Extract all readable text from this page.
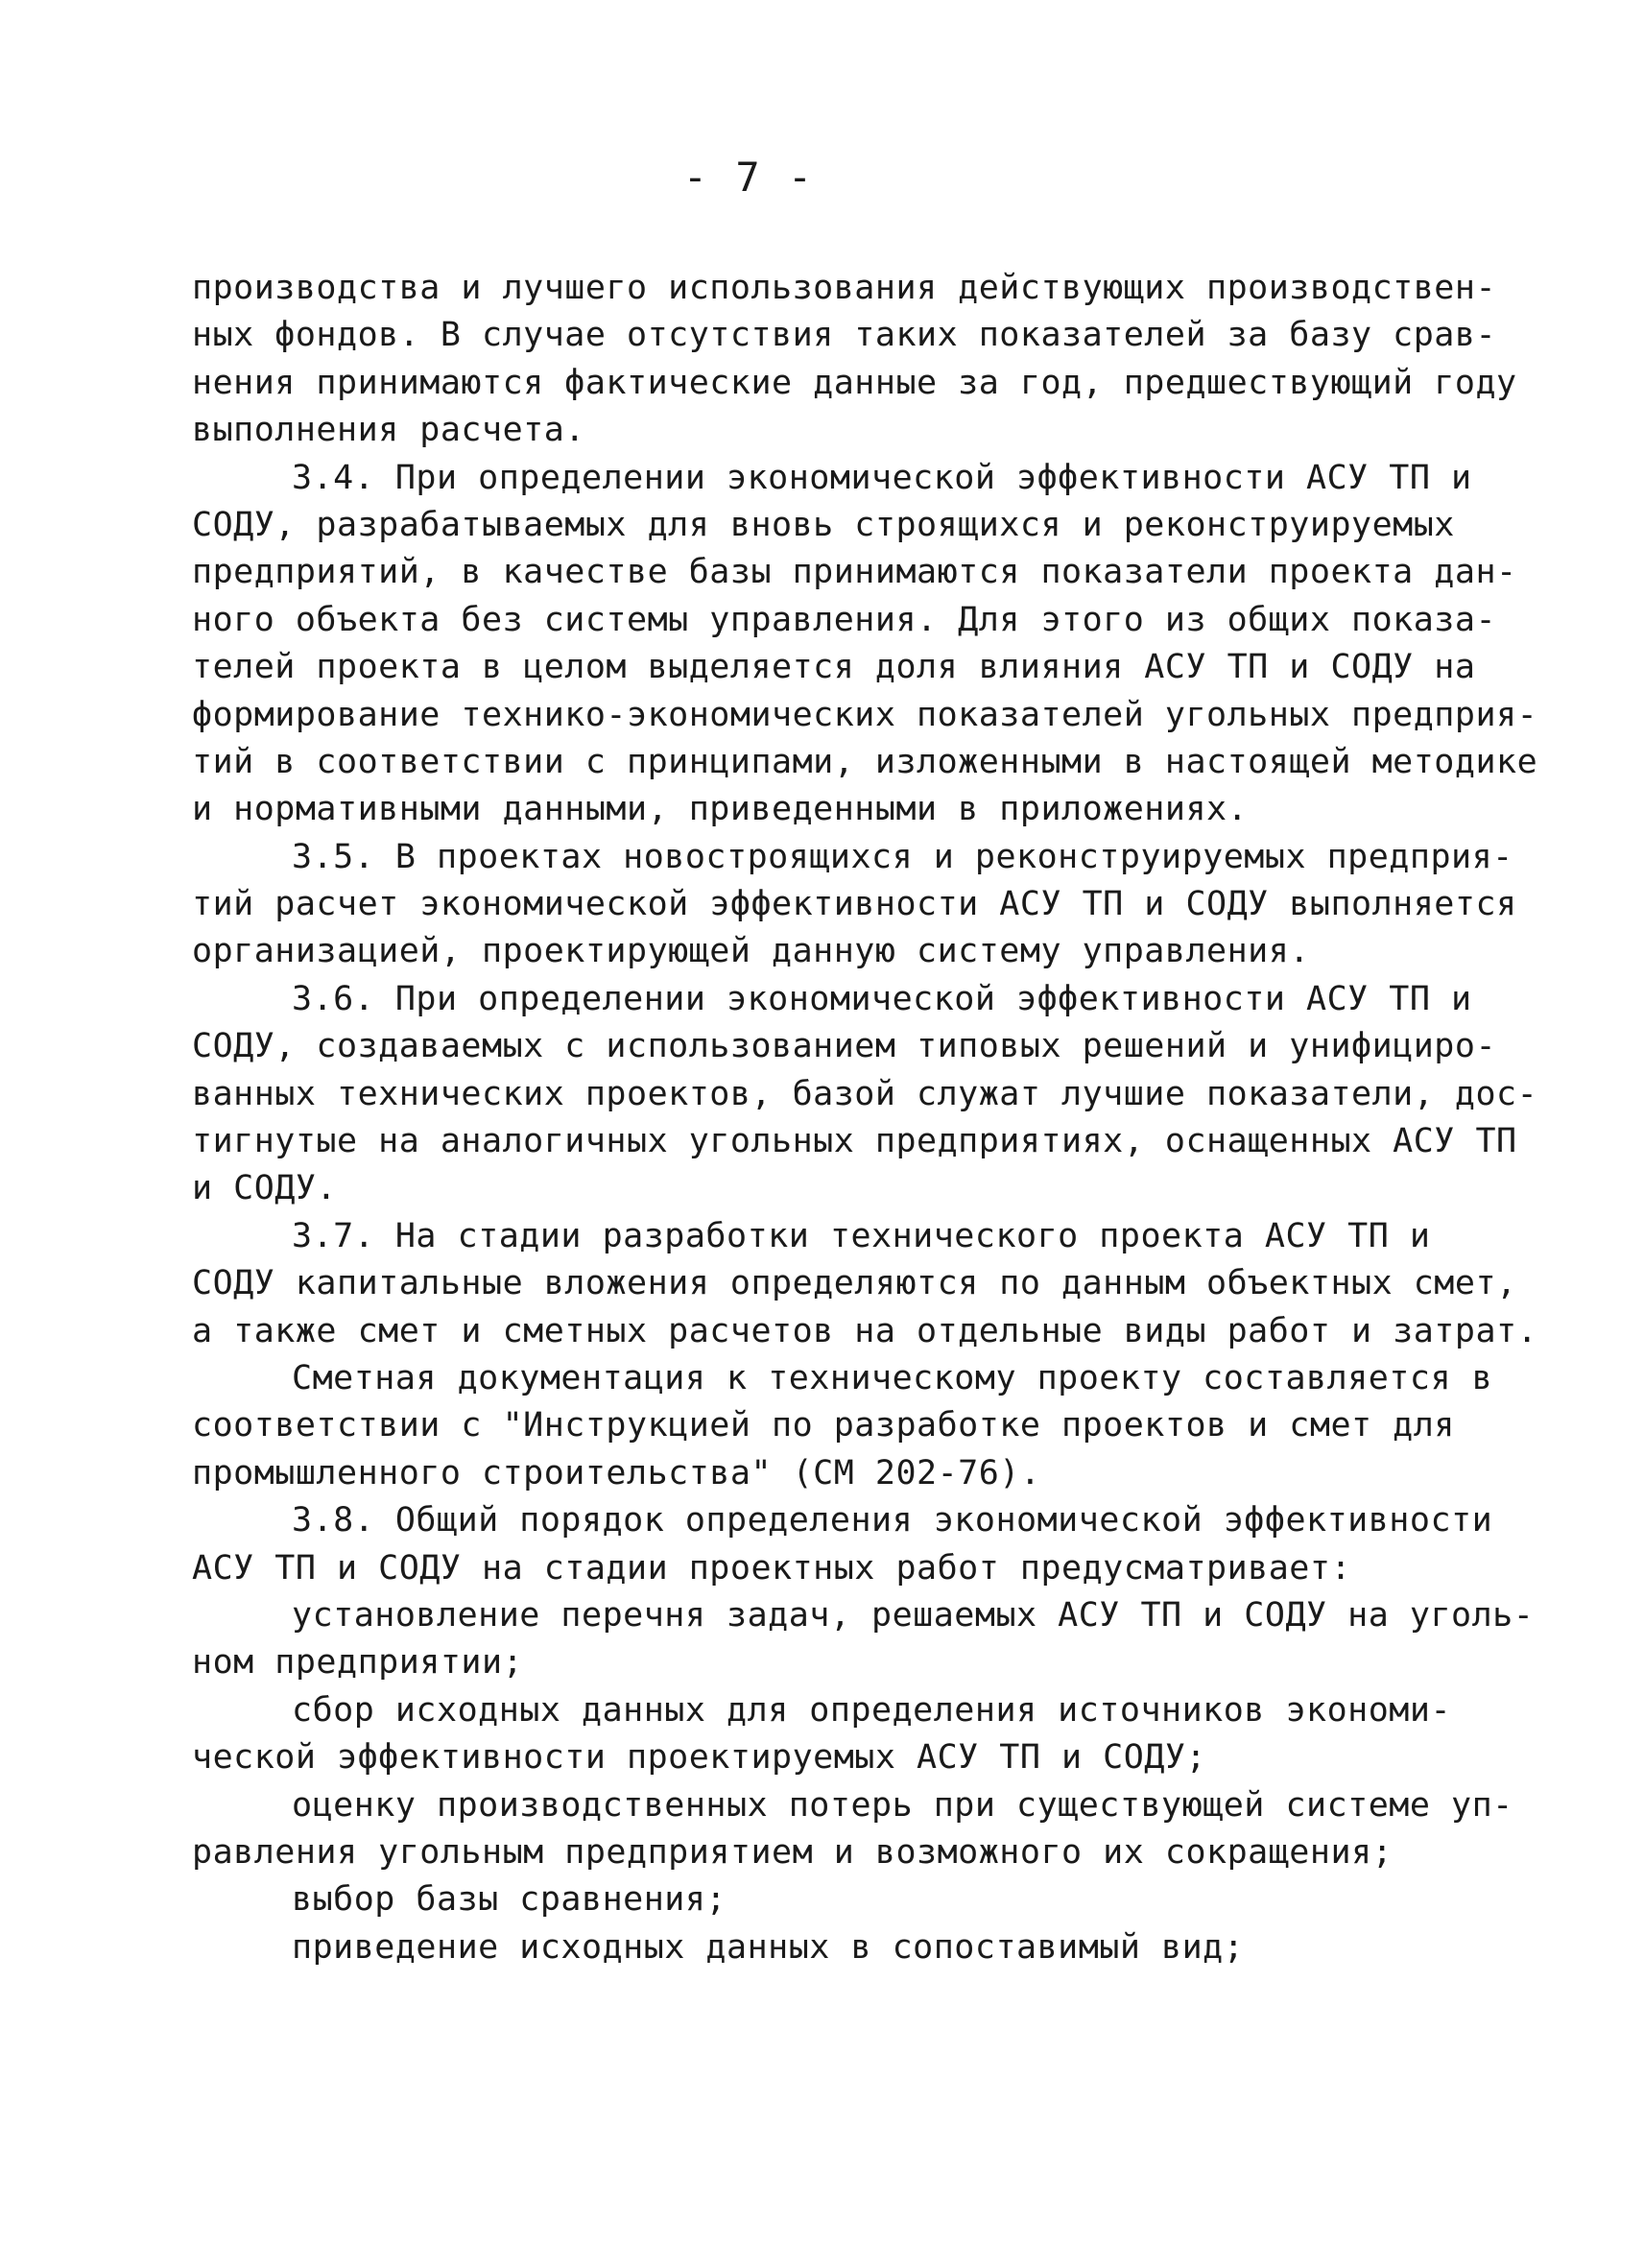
- 7 -
производства и лучшего использования действующих производствен-
ных фондов. В случае отсутствия таких показателей за базу срав-
нения принимаются фактические данные за год, предшествующий году
выполнения расчета.
3.4. При определении экономической эффективности АСУ ТП и
СОДУ, разрабатываемых для вновь строящихся и реконструируемых
предприятий, в качестве базы принимаются показатели проекта дан-
ного объекта без системы управления. Для этого из общих показа-
телей проекта в целом выделяется доля влияния АСУ ТП и СОДУ на
формирование технико-экономических показателей угольных предприя-
тий в соответствии с принципами, изложенными в настоящей методике
и нормативными данными, приведенными в приложениях.
3.5. В проектах новостроящихся и реконструируемых предприя-
тий расчет экономической эффективности АСУ ТП и СОДУ выполняется
организацией, проектирующей данную систему управления.
3.6. При определении экономической эффективности АСУ ТП и
СОДУ, создаваемых с использованием типовых решений и унифициро-
ванных технических проектов, базой служат лучшие показатели, дос-
тигнутые на аналогичных угольных предприятиях, оснащенных АСУ ТП
и СОДУ.
3.7. На стадии разработки технического проекта АСУ ТП и
СОДУ капитальные вложения определяются по данным объектных смет,
а также смет и сметных расчетов на отдельные виды работ и затрат.
Сметная документация к техническому проекту составляется в
соответствии с "Инструкцией по разработке проектов и смет для
промышленного строительства" (СМ 202-76).
3.8. Общий порядок определения экономической эффективности
АСУ ТП и СОДУ на стадии проектных работ предусматривает:
установление перечня задач, решаемых АСУ ТП и СОДУ на уголь-
ном предприятии;
сбор исходных данных для определения источников экономи-
ческой эффективности проектируемых АСУ ТП и СОДУ;
оценку производственных потерь при существующей системе уп-
равления угольным предприятием и возможного их сокращения;
выбор базы сравнения;
приведение исходных данных в сопоставимый вид;
